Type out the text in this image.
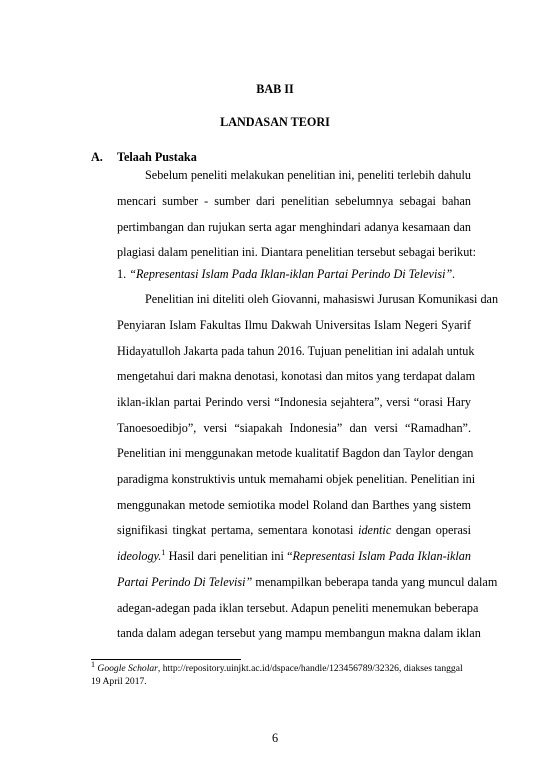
BAB II
LANDASAN TEORI
A. Telaah Pustaka
Sebelum peneliti melakukan penelitian ini, peneliti terlebih dahulu
mencari sumber - sumber dari penelitian sebelumnya sebagai bahan
pertimbangan dan rujukan serta agar menghindari adanya kesamaan dan
plagiasi dalam penelitian ini. Diantara penelitian tersebut sebagai berikut:
1. “Representasi Islam Pada Iklan-iklan Partai Perindo Di Televisi”.
Penelitian ini diteliti oleh Giovanni, mahasiswi Jurusan Komunikasi dan
Penyiaran Islam Fakultas Ilmu Dakwah Universitas Islam Negeri Syarif
Hidayatulloh Jakarta pada tahun 2016. Tujuan penelitian ini adalah untuk
mengetahui dari makna denotasi, konotasi dan mitos yang terdapat dalam
iklan-iklan partai Perindo versi “Indonesia sejahtera”, versi “orasi Hary
Tanoesoedibjo”, versi “siapakah Indonesia” dan versi “Ramadhan”.
Penelitian ini menggunakan metode kualitatif Bagdon dan Taylor dengan
paradigma konstruktivis untuk memahami objek penelitian. Penelitian ini
menggunakan metode semiotika model Roland dan Barthes yang sistem
signifikasi tingkat pertama, sementara konotasi identic dengan operasi
ideology.$^1$ Hasil dari penelitian ini “Representasi Islam Pada Iklan-iklan
Partai Perindo Di Televisi” menampilkan beberapa tanda yang muncul dalam
adegan-adegan pada iklan tersebut. Adapun peneliti menemukan beberapa
tanda dalam adegan tersebut yang mampu membangun makna dalam iklan
$^1$ Google Scholar, http://repository.uinjkt.ac.id/dspace/handle/123456789/32326, diakses tanggal
19 April 2017.
6
